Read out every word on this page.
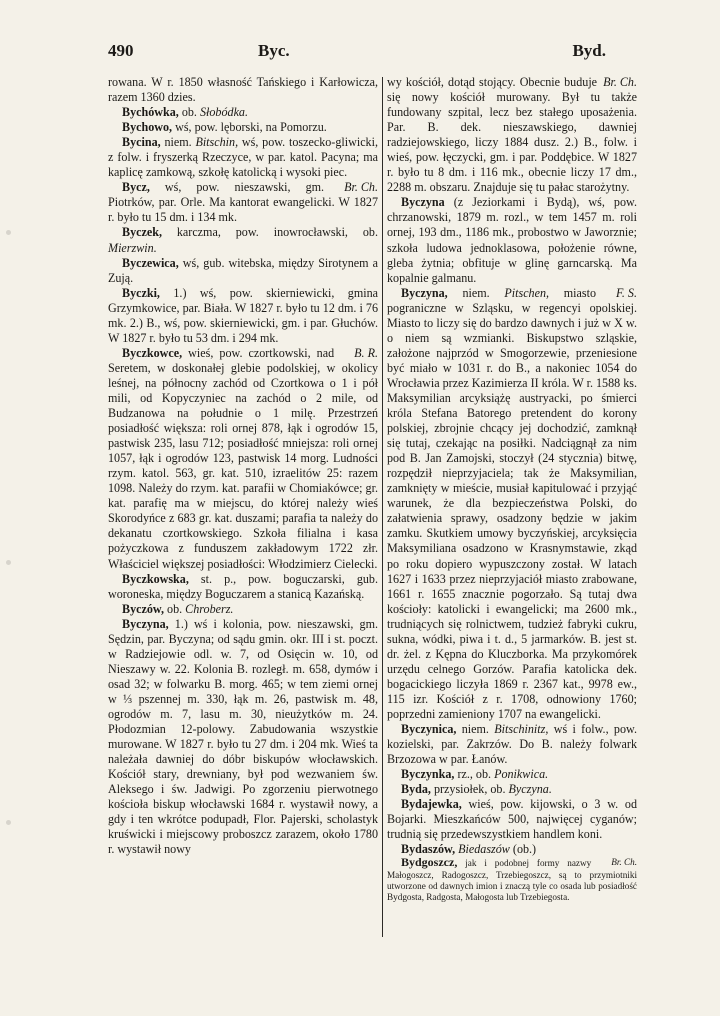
490	Byc.	Byd.

rowana. W r. 1850 własność Tańskiego i Karłowicza, razem 1360 dzies.

Bychówka, ob. Słobódka.

Bychowo, wś, pow. lęborski, na Pomorzu.

Bycina, niem. Bitschin, wś, pow. toszecko-gliwicki, z folw. i fryszerką Rzeczyce, w par. katol. Pacyna; ma kaplicę zamkową, szkołę katolicką i wysoki piec.

Br. Ch.
Bycz, wś, pow. nieszawski, gm. Piotrków, par. Orle. Ma kantorat ewangelicki. W 1827 r. było tu 15 dm. i 134 mk.

Byczek, karczma, pow. inowrocławski, ob. Mierzwin.

Byczewica, wś, gub. witebska, między Sirotynem a Zują.

Byczki, 1.) wś, pow. skierniewicki, gmina Grzymkowice, par. Biała. W 1827 r. było tu 12 dm. i 76 mk. 2.) B., wś, pow. skierniewicki, gm. i par. Głuchów. W 1827 r. było tu 53 dm. i 294 mk.

B. R.
Byczkowce, wieś, pow. czortkowski, nad Seretem, w doskonałej glebie podolskiej, w okolicy leśnej, na północny zachód od Czortkowa o 1 i pół mili, od Kopyczyniec na zachód o 2 mile, od Budzanowa na południe o 1 milę. Przestrzeń posiadłość większa: roli ornej 878, łąk i ogrodów 15, pastwisk 235, lasu 712; posiadłość mniejsza: roli ornej 1057, łąk i ogrodów 123, pastwisk 14 morg. Ludności rzym. katol. 563, gr. kat. 510, izraelitów 25: razem 1098. Należy do rzym. kat. parafii w Chomiakówce; gr. kat. parafię ma w miejscu, do której należy wieś Skorodyńce z 683 gr. kat. duszami; parafia ta należy do dekanatu czortkowskiego. Szkoła filialna i kasa pożyczkowa z funduszem zakładowym 1722 złr. Właściciel większej posiadłości: Włodzimierz Cielecki.

Byczkowska, st. p., pow. boguczarski, gub. woroneska, między Boguczarem a stanicą Kazańską.

Byczów, ob. Chroberz.

Byczyna, 1.) wś i kolonia, pow. nieszawski, gm. Sędzin, par. Byczyna; od sądu gmin. okr. III i st. poczt. w Radziejowie odl. w. 7, od Osięcin w. 10, od Nieszawy w. 22. Kolonia B. rozległ. m. 658, dymów i osad 32; w folwarku B. morg. 465; w tem ziemi ornej w ⅓ pszennej m. 330, łąk m. 26, pastwisk m. 48, ogrodów m. 7, lasu m. 30, nieużytków m. 24. Płodozmian 12-polowy. Zabudowania wszystkie murowane. W 1827 r. było tu 27 dm. i 204 mk. Wieś ta należała dawniej do dóbr biskupów włocławskich. Kościół stary, drewniany, był pod wezwaniem św. Aleksego i św. Jadwigi. Po zgorzeniu pierwotnego kościoła biskup włocławski 1684 r. wystawił nowy, a gdy i ten wkrótce podupadł, Flor. Pajerski, scholastyk kruświcki i miejscowy proboszcz zarazem, około 1780 r. wystawił nowy

Br. Ch.
wy kościół, dotąd stojący. Obecnie buduje się nowy kościół murowany. Był tu także fundowany szpital, lecz bez stałego uposażenia. Par. B. dek. nieszawskiego, dawniej radziejowskiego, liczy 1884 dusz. 2.) B., folw. i wieś, pow. łęczycki, gm. i par. Poddębice. W 1827 r. było tu 8 dm. i 116 mk., obecnie liczy 17 dm., 2288 m. obszaru. Znajduje się tu pałac starożytny.

Byczyna (z Jeziorkami i Bydą), wś, pow. chrzanowski, 1879 m. rozl., w tem 1457 m. roli ornej, 193 dm., 1186 mk., probostwo w Jaworznie; szkoła ludowa jednoklasowa, położenie równe, gleba żytnia; obfituje w glinę garncarską. Ma kopalnie galmanu.

F. S.
Byczyna, niem. Pitschen, miasto pograniczne w Szląsku, w regencyi opolskiej. Miasto to liczy się do bardzo dawnych i już w X w. o niem są wzmianki. Biskupstwo szląskie, założone najprzód w Smogorzewie, przeniesione być miało w 1031 r. do B., a nakoniec 1054 do Wrocławia przez Kazimierza II króla. W r. 1588 ks. Maksymilian arcyksiążę austryacki, po śmierci króla Stefana Batorego pretendent do korony polskiej, zbrojnie chcący jej dochodzić, zamknął się tutaj, czekając na posiłki. Nadciągnął za nim pod B. Jan Zamojski, stoczył (24 stycznia) bitwę, rozpędził nieprzyjaciela; tak że Maksymilian, zamknięty w mieście, musiał kapitulować i przyjąć warunek, że dla bezpieczeństwa Polski, do załatwienia sprawy, osadzony będzie w jakim zamku. Skutkiem umowy byczyńskiej, arcyksięcia Maksymiliana osadzono w Krasnymstawie, zkąd po roku dopiero wypuszczony został. W latach 1627 i 1633 przez nieprzyjaciół miasto zrabowane, 1661 r. 1655 znacznie pogorzało. Są tutaj dwa kościoły: katolicki i ewangelicki; ma 2600 mk., trudniących się rolnictwem, tudzież fabryki cukru, sukna, wódki, piwa i t. d., 5 jarmarków. B. jest st. dr. żel. z Kępna do Kluczborka. Ma przykomórek urzędu celnego Gorzów. Parafia katolicka dek. bogacickiego liczyła 1869 r. 2367 kat., 9978 ew., 115 izr. Kościół z r. 1708, odnowiony 1760; poprzedni zamieniony 1707 na ewangelicki.

Byczynica, niem. Bitschinitz, wś i folw., pow. kozielski, par. Zakrzów. Do B. należy folwark Brzozowa w par. Łanów.

Byczynka, rz., ob. Ponikwica.

Byda, przysiołek, ob. Byczyna.

Bydajewka, wieś, pow. kijowski, o 3 w. od Bojarki. Mieszkańców 500, najwięcej cyganów; trudnią się przedewszystkiem handlem koni.

Bydaszów, Biedaszów (ob.)

Br. Ch.
Bydgoszcz, jak i podobnej formy nazwy Małogoszcz, Radogoszcz, Trzebiegoszcz, są to przymiotniki utworzone od dawnych imion i znaczą tyle co osada lub posiadłość Bydgosta, Radgosta, Małogosta lub Trzebiegosta.
